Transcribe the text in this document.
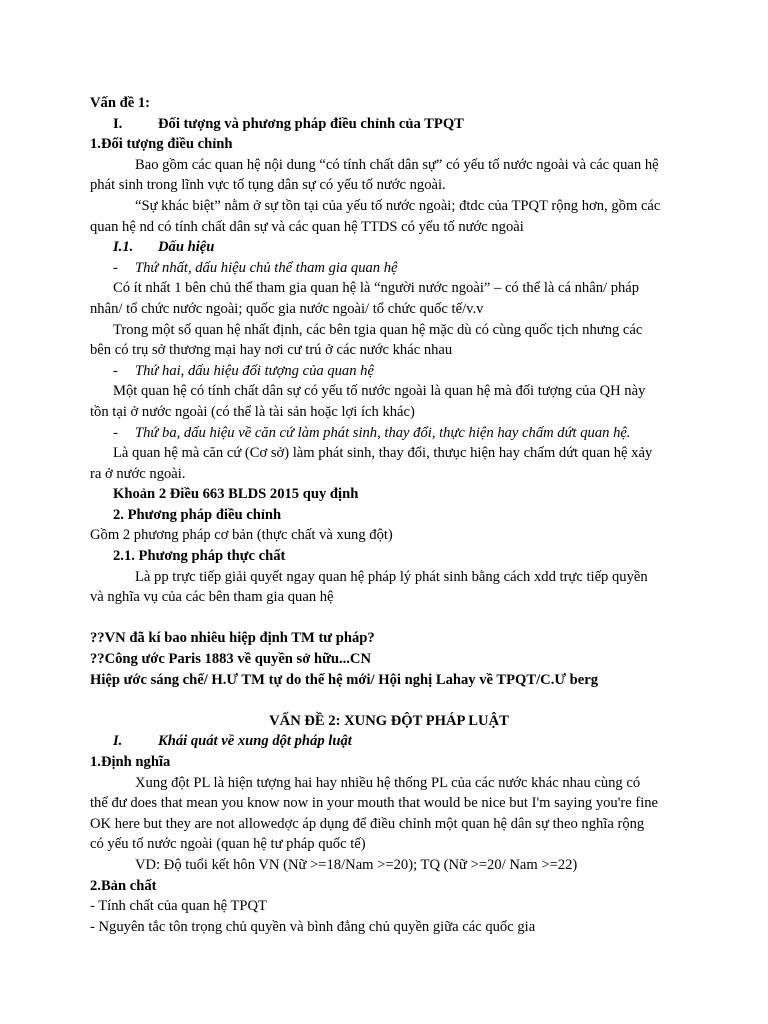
Vấn đề 1:
I. Đối tượng và phương pháp điều chỉnh của TPQT
1.Đối tượng điều chỉnh
Bao gồm các quan hệ nội dung “có tính chất dân sự” có yếu tố nước ngoài và các quan hệ
phát sinh trong lĩnh vực tố tụng dân sự có yếu tố nước ngoài.
“Sự khác biệt” nằm ở sự tồn tại của yếu tố nước ngoài; đtdc của TPQT rộng hơn, gồm các
quan hệ nd có tính chất dân sự và các quan hệ TTDS có yếu tố nước ngoài
I.1. Dấu hiệu
- Thứ nhất, dấu hiệu chủ thể tham gia quan hệ
Có ít nhất 1 bên chủ thể tham gia quan hệ là “người nước ngoài” – có thể là cá nhân/ pháp
nhân/ tổ chức nước ngoài; quốc gia nước ngoài/ tổ chức quốc tế/v.v
Trong một số quan hệ nhất định, các bên tgia quan hệ mặc dù có cùng quốc tịch nhưng các
bên có trụ sở thương mại hay nơi cư trú ở các nước khác nhau
- Thứ hai, dấu hiệu đối tượng của quan hệ
Một quan hệ có tính chất dân sự có yếu tố nước ngoài là quan hệ mà đối tượng của QH này
tồn tại ở nước ngoài (có thể là tài sản hoặc lợi ích khác)
- Thứ ba, dấu hiệu về căn cứ làm phát sinh, thay đổi, thực hiện hay chấm dứt quan hệ.
Là quan hệ mà căn cứ (Cơ sở) làm phát sinh, thay đổi, thưục hiện hay chấm dứt quan hệ xảy
ra ở nước ngoài.
Khoản 2 Điều 663 BLDS 2015 quy định
2. Phương pháp điều chỉnh
Gồm 2 phương pháp cơ bản (thực chất và xung đột)
2.1. Phương pháp thực chất
Là pp trực tiếp giải quyết ngay quan hệ pháp lý phát sinh bằng cách xdd trực tiếp quyền
và nghĩa vụ của các bên tham gia quan hệ
??VN đã kí bao nhiêu hiệp định TM tư pháp?
??Công ước Paris 1883 về quyền sở hữu...CN
Hiệp ước sáng chế/ H.Ư TM tự do thế hệ mới/ Hội nghị Lahay về TPQT/C.Ư berg
VẤN ĐỀ 2: XUNG ĐỘT PHÁP LUẬT
I. Khái quát về xung dột pháp luật
1.Định nghĩa
Xung đột PL là hiện tượng hai hay nhiều hệ thống PL của các nước khác nhau cùng có
thể đư does that mean you know now in your mouth that would be nice but I'm saying you're fine
OK here but they are not allowedợc áp dụng để điều chỉnh một quan hệ dân sự theo nghĩa rộng
có yếu tố nước ngoài (quan hệ tư pháp quốc tế)
VD: Độ tuổi kết hôn VN (Nữ >=18/Nam >=20); TQ (Nữ >=20/ Nam >=22)
2.Bản chất
- Tính chất của quan hệ TPQT
- Nguyên tắc tôn trọng chủ quyền và bình đẳng chủ quyền giữa các quốc gia
